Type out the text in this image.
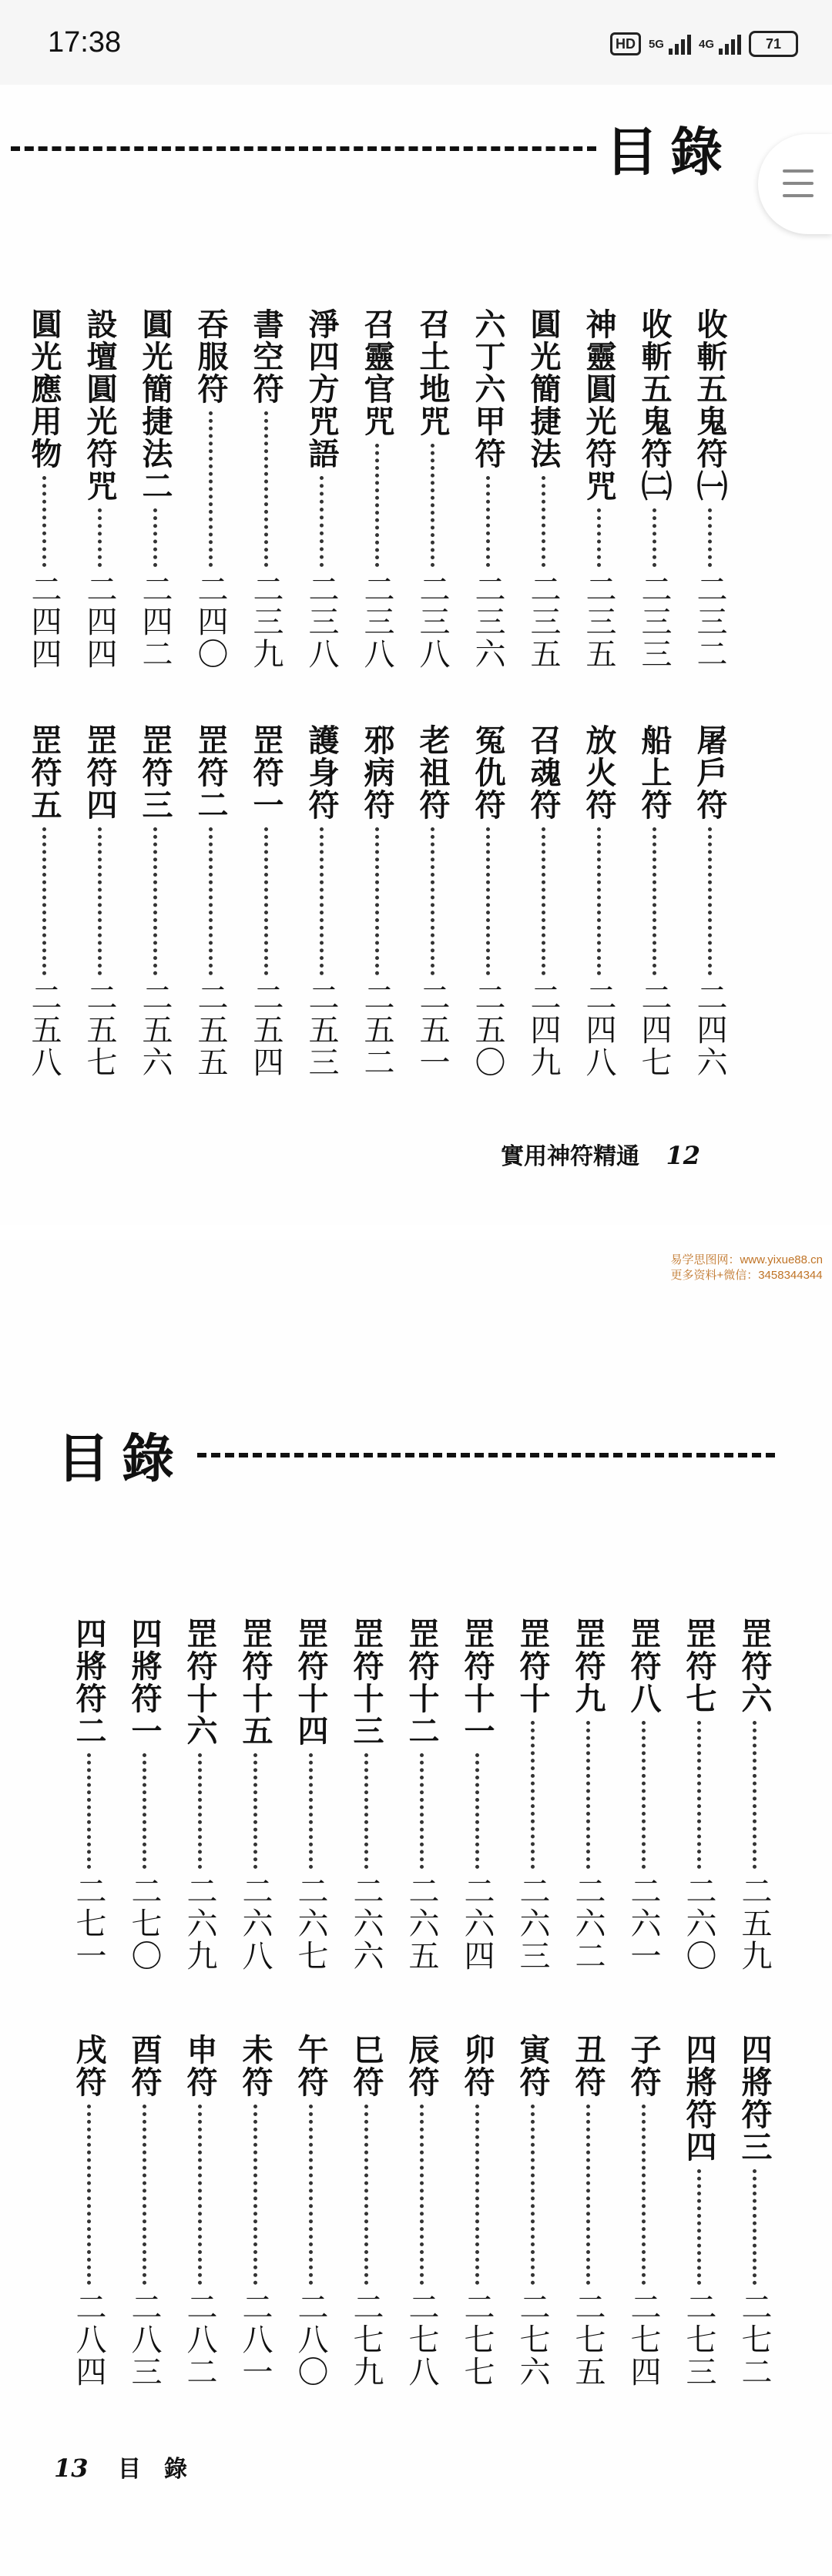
17:38	HD	5G	4G	71
目錄
收斬五鬼符㈠
二三二
收斬五鬼符㈡
二三三
神靈圓光符咒
二三五
圓光簡捷法
二三五
六丁六甲符
二三六
召土地咒
二三八
召靈官咒
二三八
淨四方咒語
二三八
書空符
二三九
吞服符
二四〇
圓光簡捷法二
二四二
設壇圓光符咒
二四四
圓光應用物
二四四
屠戶符
二四六
船上符
二四七
放火符
二四八
召魂符
二四九
冤仇符
二五〇
老祖符
二五一
邪病符
二五二
護身符
二五三
罡符一
二五四
罡符二
二五五
罡符三
二五六
罡符四
二五七
罡符五
二五八
實用神符精通 12
目錄
罡符六
二五九
罡符七
二六〇
罡符八
二六一
罡符九
二六二
罡符十
二六三
罡符十一
二六四
罡符十二
二六五
罡符十三
二六六
罡符十四
二六七
罡符十五
二六八
罡符十六
二六九
四將符一
二七〇
四將符二
二七一
四將符三
二七二
四將符四
二七三
子符
二七四
丑符
二七五
寅符
二七六
卯符
二七七
辰符
二七八
巳符
二七九
午符
二八〇
未符
二八一
申符
二八二
酉符
二八三
戌符
二八四
13 目錄
易学思图网：www.yixue88.cn
更多资料+微信：3458344344
